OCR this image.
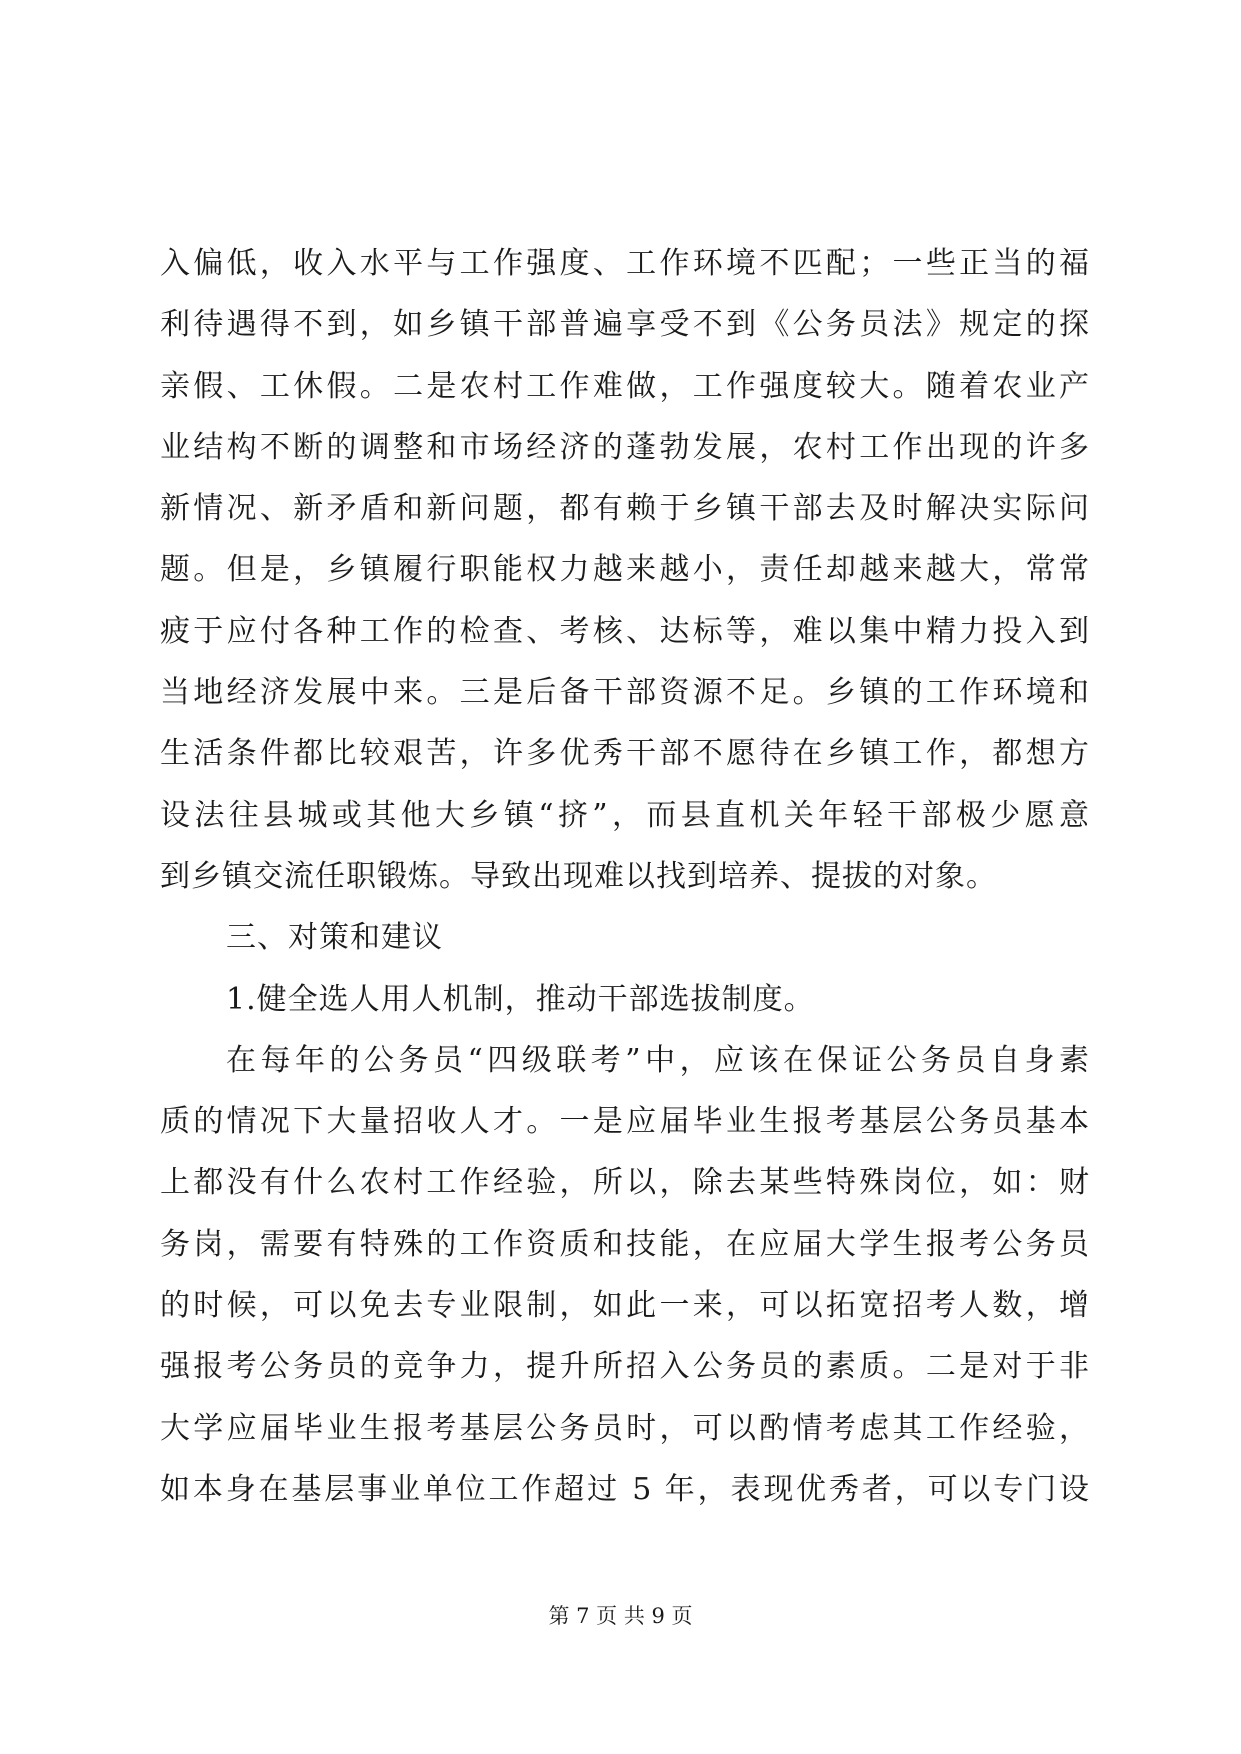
入偏低，收入水平与工作强度、工作环境不匹配；一些正当的福
利待遇得不到，如乡镇干部普遍享受不到《公务员法》规定的探
亲假、工休假。二是农村工作难做，工作强度较大。随着农业产
业结构不断的调整和市场经济的蓬勃发展，农村工作出现的许多
新情况、新矛盾和新问题，都有赖于乡镇干部去及时解决实际问
题。但是，乡镇履行职能权力越来越小，责任却越来越大，常常
疲于应付各种工作的检查、考核、达标等，难以集中精力投入到
当地经济发展中来。三是后备干部资源不足。乡镇的工作环境和
生活条件都比较艰苦，许多优秀干部不愿待在乡镇工作，都想方
设法往县城或其他大乡镇“挤”，而县直机关年轻干部极少愿意
到乡镇交流任职锻炼。导致出现难以找到培养、提拔的对象。
三、对策和建议
1.健全选人用人机制，推动干部选拔制度。
在每年的公务员“四级联考”中，应该在保证公务员自身素
质的情况下大量招收人才。一是应届毕业生报考基层公务员基本
上都没有什么农村工作经验，所以，除去某些特殊岗位，如：财
务岗，需要有特殊的工作资质和技能，在应届大学生报考公务员
的时候，可以免去专业限制，如此一来，可以拓宽招考人数，增
强报考公务员的竞争力，提升所招入公务员的素质。二是对于非
大学应届毕业生报考基层公务员时，可以酌情考虑其工作经验，
如本身在基层事业单位工作超过 5 年，表现优秀者，可以专门设
第 7 页 共 9 页
